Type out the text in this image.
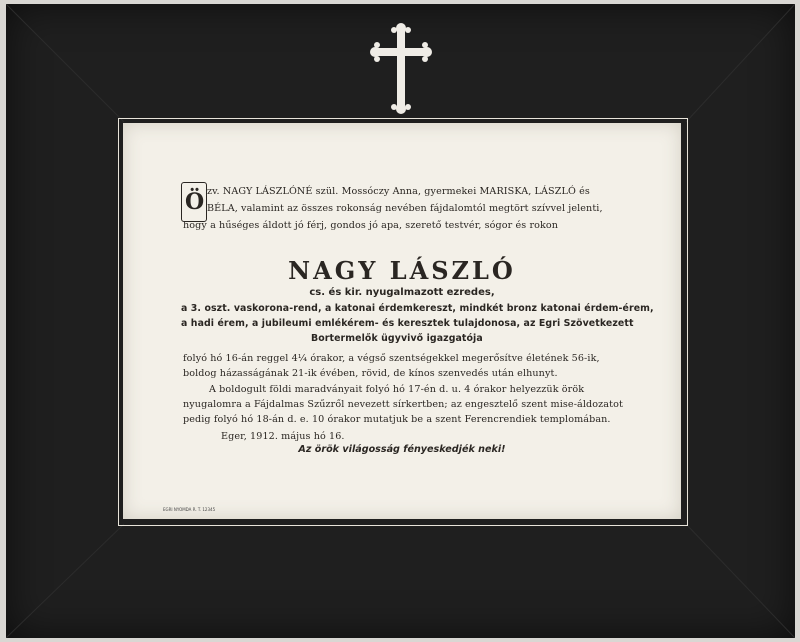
Ö zv. NAGY LÁSZLÓNÉ szül. Mossóczy Anna, gyermekei MARISKA, LÁSZLÓ és
BÉLA, valamint az összes rokonság nevében fájdalomtól megtört szívvel jelenti,
hogy a hűséges áldott jó férj, gondos jó apa, szerető testvér, sógor és rokon
NAGY LÁSZLÓ
cs. és kir. nyugalmazott ezredes,
a 3. oszt. vaskorona-rend, a katonai érdemkereszt, mindkét bronz katonai érdem-érem,
a hadi érem, a jubileumi emlékérem- és keresztek tulajdonosa, az Egri Szövetkezett
Bortermelők ügyvivő igazgatója
folyó hó 16-án reggel 4¼ órakor, a végső szentségekkel megerősítve életének 56-ik,
boldog házasságának 21-ik évében, rövid, de kínos szenvedés után elhunyt.
A boldogult földi maradványait folyó hó 17-én d. u. 4 órakor helyezzük örök
nyugalomra a Fájdalmas Szűzről nevezett sírkertben; az engesztelő szent mise-áldozatot
pedig folyó hó 18-án d. e. 10 órakor mutatjuk be a szent Ferencrendiek templomában.
Eger, 1912. május hó 16.
Az örök világosság fényeskedjék neki!
EGRI NYOMDA R. T. 12345
